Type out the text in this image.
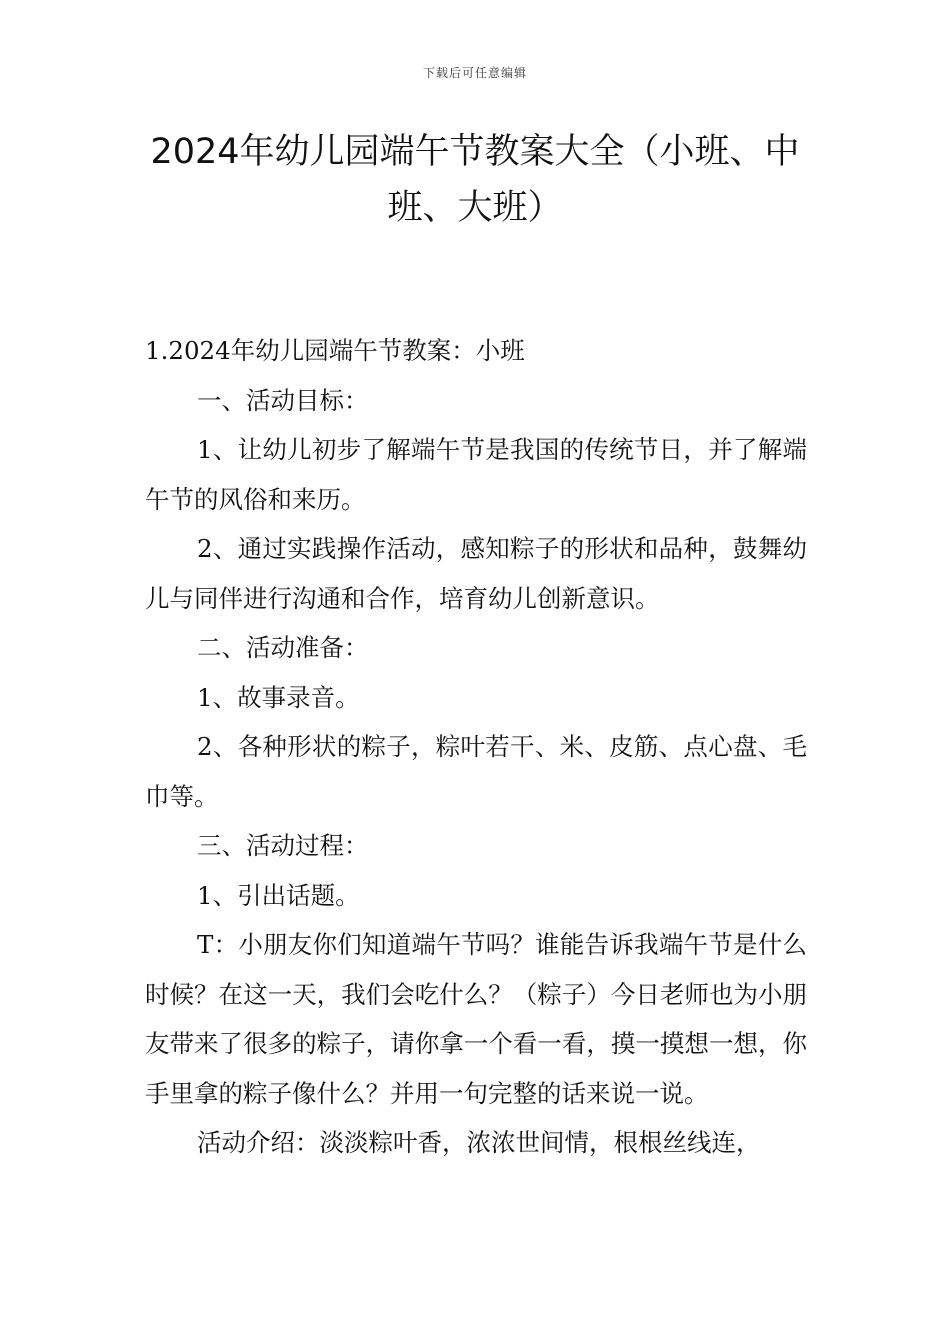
下载后可任意编辑
2024年幼儿园端午节教案大全（小班、中班、大班）

1.2024年幼儿园端午节教案：小班

一、活动目标：

1、让幼儿初步了解端午节是我国的传统节日，并了解端午节的风俗和来历。

2、通过实践操作活动，感知粽子的形状和品种，鼓舞幼儿与同伴进行沟通和合作，培育幼儿创新意识。

二、活动准备：

1、故事录音。

2、各种形状的粽子，粽叶若干、米、皮筋、点心盘、毛巾等。

三、活动过程：

1、引出话题。

T：小朋友你们知道端午节吗？谁能告诉我端午节是什么时候？在这一天，我们会吃什么？（粽子）今日老师也为小朋友带来了很多的粽子，请你拿一个看一看，摸一摸想一想，你手里拿的粽子像什么？并用一句完整的话来说一说。

活动介绍：淡淡粽叶香，浓浓世间情，根根丝线连，
